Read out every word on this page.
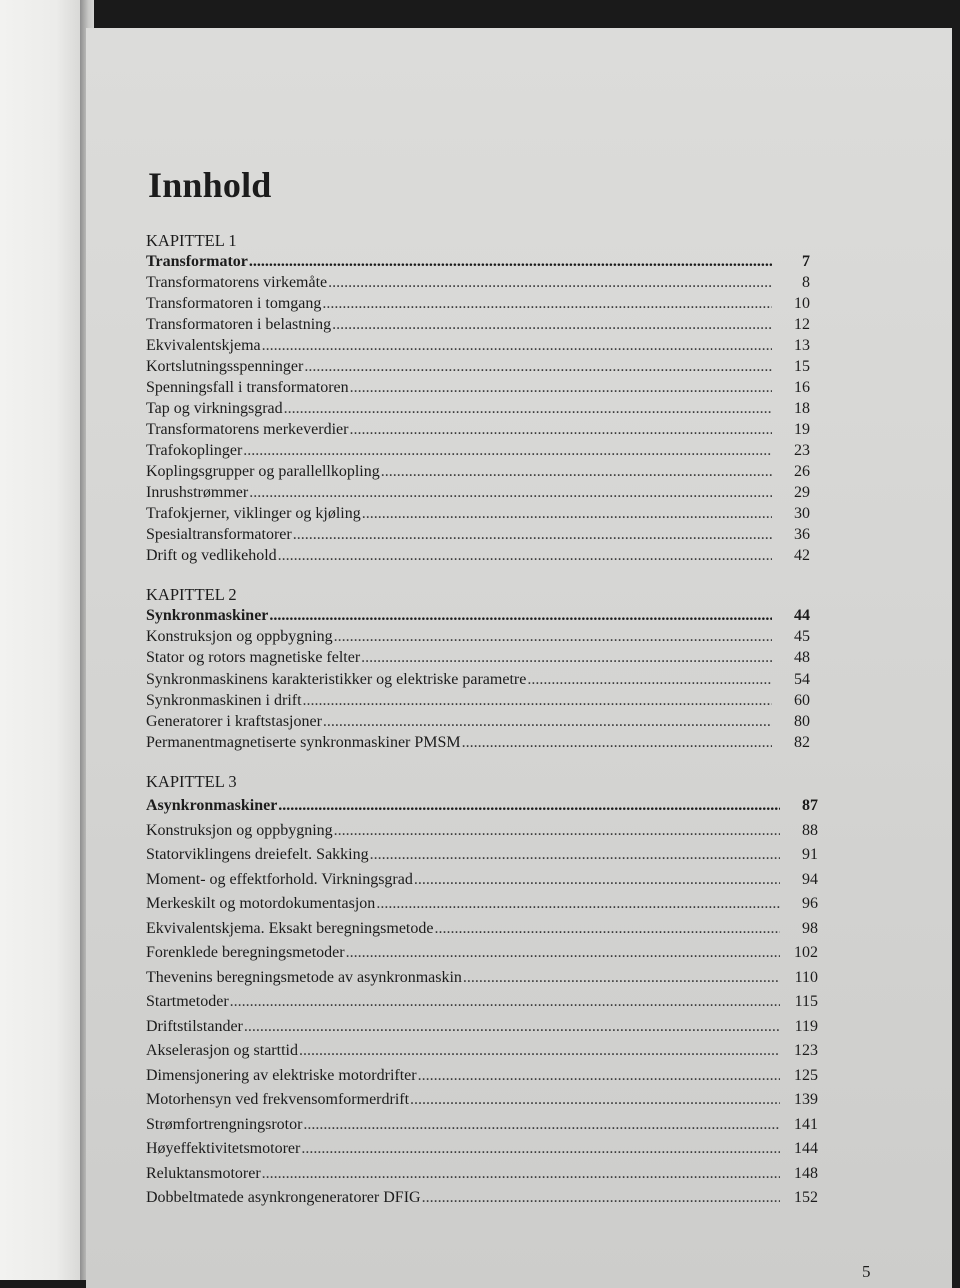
Innhold
KAPITTEL 1
Transformator .....	7
Transformatorens virkemåte .....	8
Transformatoren i tomgang .....	10
Transformatoren i belastning .....	12
Ekvivalentskjema .....	13
Kortslutningsspenninger .....	15
Spenningsfall i transformatoren .....	16
Tap og virkningsgrad .....	18
Transformatorens merkeverdier .....	19
Trafokoplinger .....	23
Koplingsgrupper og parallellkopling .....	26
Inrushstrømmer .....	29
Trafokjerner, viklinger og kjøling .....	30
Spesialtransformatorer .....	36
Drift og vedlikehold .....	42
KAPITTEL 2
Synkronmaskiner .....	44
Konstruksjon og oppbygning .....	45
Stator og rotors magnetiske felter .....	48
Synkronmaskinens karakteristikker og elektriske parametre .....	54
Synkronmaskinen i drift .....	60
Generatorer i kraftstasjoner .....	80
Permanentmagnetiserte synkronmaskiner PMSM .....	82
KAPITTEL 3
Asynkronmaskiner .....	87
Konstruksjon og oppbygning .....	88
Statorviklingens dreiefelt. Sakking .....	91
Moment- og effektforhold. Virkningsgrad .....	94
Merkeskilt og motordokumentasjon .....	96
Ekvivalentskjema. Eksakt beregningsmetode .....	98
Forenklede beregningsmetoder .....	102
Thevenins beregningsmetode av asynkronmaskin .....	110
Startmetoder .....	115
Driftstilstander .....	119
Akselerasjon og starttid .....	123
Dimensjonering av elektriske motordrifter .....	125
Motorhensyn ved frekvensomformerdrift .....	139
Strømfortrengningsrotor .....	141
Høyeffektivitetsmotorer .....	144
Reluktansmotorer .....	148
Dobbeltmatede asynkrongeneratorer DFIG .....	152
5
